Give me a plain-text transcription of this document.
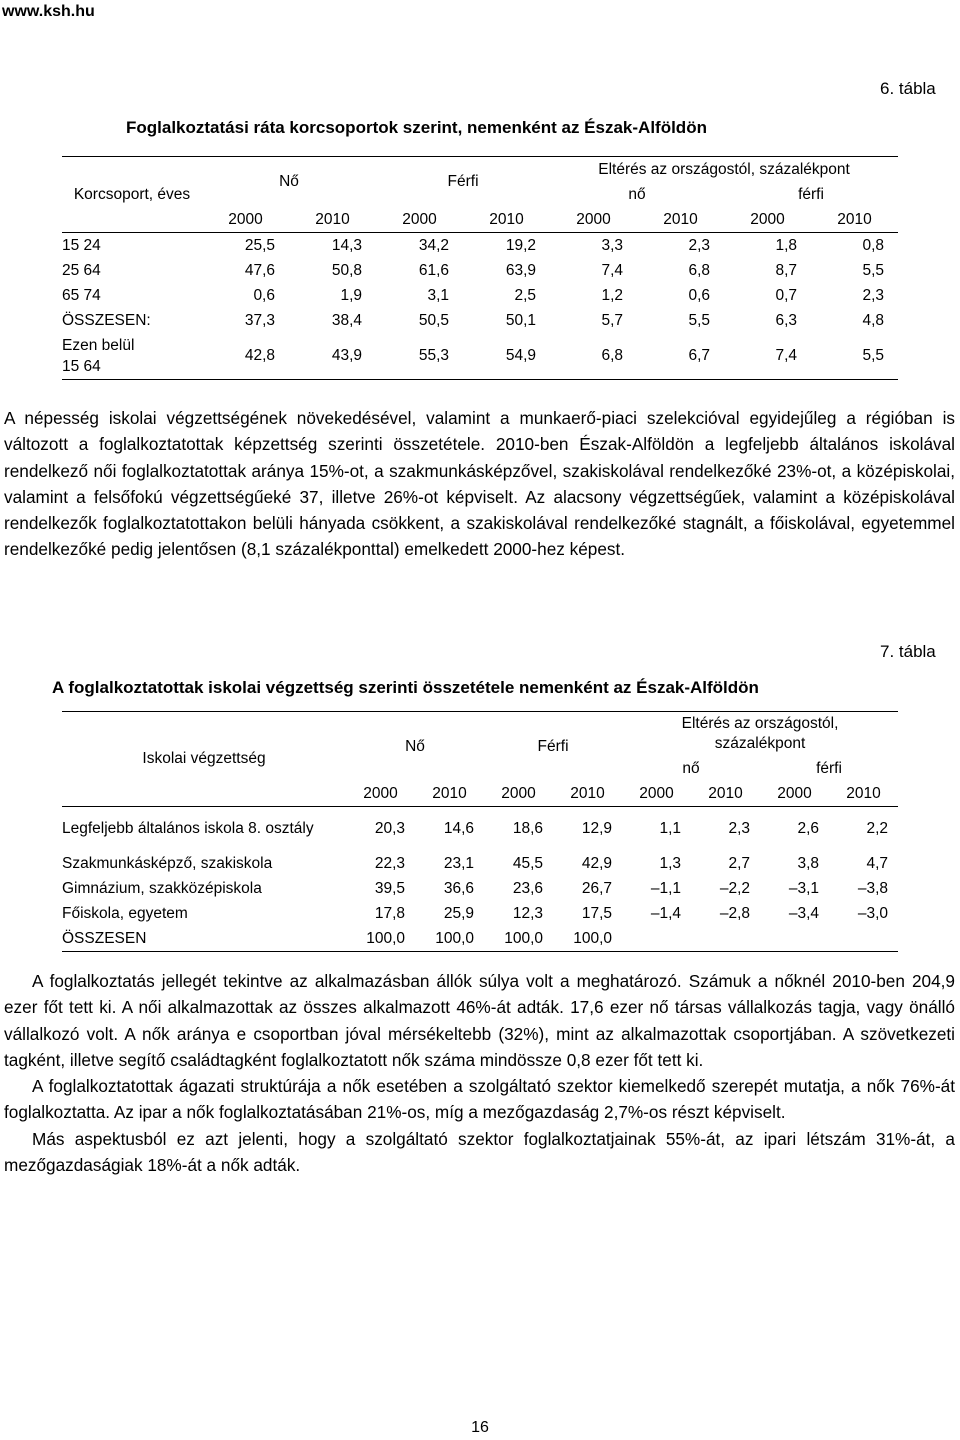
www.ksh.hu
6. tábla
Foglalkoztatási ráta korcsoportok szerint, nemenként az Észak-Alföldön
Korcsoport, éves	Nő		Férfi		Eltérés az országostól, százalékpont			
					nő		férfi	
	2000	2010	2000	2010	2000	2010	2000	2010
15 24	25,5	14,3	34,2	19,2	3,3	2,3	1,8	0,8
25 64	47,6	50,8	61,6	63,9	7,4	6,8	8,7	5,5
65 74	0,6	1,9	3,1	2,5	1,2	0,6	0,7	2,3
ÖSSZESEN:	37,3	38,4	50,5	50,1	5,7	5,5	6,3	4,8
Ezen belül 15 64	42,8	43,9	55,3	54,9	6,8	6,7	7,4	5,5

A népesség iskolai végzettségének növekedésével, valamint a munkaerő-piaci szelekcióval egyidejűleg a régióban is változott a foglalkoztatottak képzettség szerinti összetétele. 2010-ben Észak-Alföldön a legfeljebb általános iskolával rendelkező női foglalkoztatottak aránya 15%-ot, a szakmunkásképzővel, szakiskolával rendelkezőké 23%-ot, a középiskolai, valamint a felsőfokú végzettségűeké 37, illetve 26%-ot képviselt. Az alacsony végzettségűek, valamint a középiskolával rendelkezők foglalkoztatottakon belüli hányada csökkent, a szakiskolával rendelkezőké stagnált, a főiskolával, egyetemmel rendelkezőké pedig jelentősen (8,1 százalékponttal) emelkedett 2000-hez képest.

7. tábla
A foglalkoztatottak iskolai végzettség szerinti összetétele nemenként az Észak-Alföldön
Iskolai végzettség	Nő		Férfi		Eltérés az országostól, százalékpont			
					nő		férfi	
	2000	2010	2000	2010	2000	2010	2000	2010
Legfeljebb általános iskola 8. osztály	20,3	14,6	18,6	12,9	1,1	2,3	2,6	2,2
Szakmunkásképző, szakiskola	22,3	23,1	45,5	42,9	1,3	2,7	3,8	4,7
Gimnázium, szakközépiskola	39,5	36,6	23,6	26,7	–1,1	–2,2	–3,1	–3,8
Főiskola, egyetem	17,8	25,9	12,3	17,5	–1,4	–2,8	–3,4	–3,0
ÖSSZESEN	100,0	100,0	100,0	100,0				

A foglalkoztatás jellegét tekintve az alkalmazásban állók súlya volt a meghatározó. Számuk a nőknél 2010-ben 204,9 ezer főt tett ki. A női alkalmazottak az összes alkalmazott 46%-át adták. 17,6 ezer nő társas vállalkozás tagja, vagy önálló vállalkozó volt. A nők aránya e csoportban jóval mérsékeltebb (32%), mint az alkalmazottak csoportjában. A szövetkezeti tagként, illetve segítő családtagként foglalkoztatott nők száma mindössze 0,8 ezer főt tett ki.

A foglalkoztatottak ágazati struktúrája a nők esetében a szolgáltató szektor kiemelkedő szerepét mutatja, a nők 76%-át foglalkoztatta. Az ipar a nők foglalkoztatásában 21%-os, míg a mezőgazdaság 2,7%-os részt képviselt.

Más aspektusból ez azt jelenti, hogy a szolgáltató szektor foglalkoztatjainak 55%-át, az ipari létszám 31%-át, a mezőgazdaságiak 18%-át a nők adták.

16
